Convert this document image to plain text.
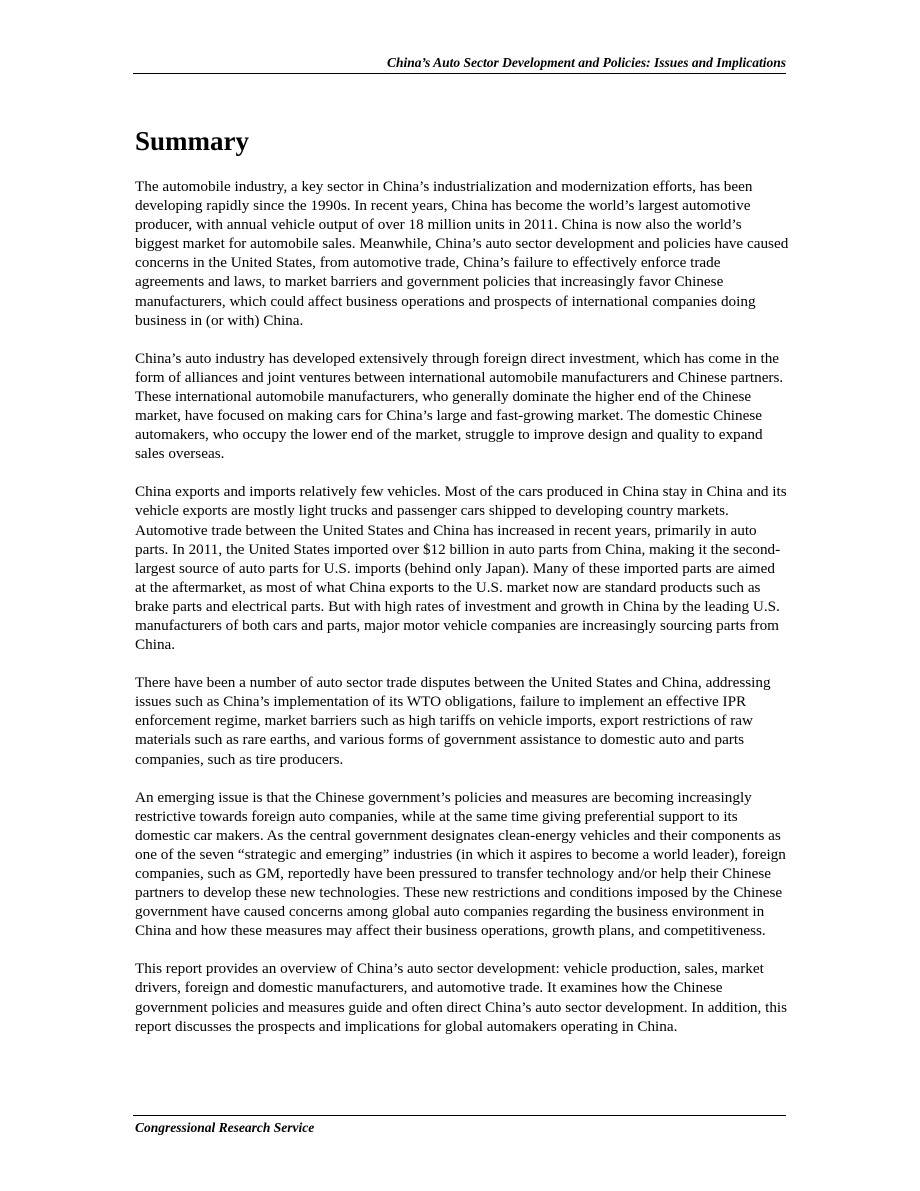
China’s Auto Sector Development and Policies: Issues and Implications
Summary

The automobile industry, a key sector in China’s industrialization and modernization efforts, has been developing rapidly since the 1990s. In recent years, China has become the world’s largest automotive producer, with annual vehicle output of over 18 million units in 2011. China is now also the world’s biggest market for automobile sales. Meanwhile, China’s auto sector development and policies have caused concerns in the United States, from automotive trade, China’s failure to effectively enforce trade agreements and laws, to market barriers and government policies that increasingly favor Chinese manufacturers, which could affect business operations and prospects of international companies doing business in (or with) China.

China’s auto industry has developed extensively through foreign direct investment, which has come in the form of alliances and joint ventures between international automobile manufacturers and Chinese partners. These international automobile manufacturers, who generally dominate the higher end of the Chinese market, have focused on making cars for China’s large and fast-growing market. The domestic Chinese automakers, who occupy the lower end of the market, struggle to improve design and quality to expand sales overseas.

China exports and imports relatively few vehicles. Most of the cars produced in China stay in China and its vehicle exports are mostly light trucks and passenger cars shipped to developing country markets. Automotive trade between the United States and China has increased in recent years, primarily in auto parts. In 2011, the United States imported over $12 billion in auto parts from China, making it the second-largest source of auto parts for U.S. imports (behind only Japan). Many of these imported parts are aimed at the aftermarket, as most of what China exports to the U.S. market now are standard products such as brake parts and electrical parts. But with high rates of investment and growth in China by the leading U.S. manufacturers of both cars and parts, major motor vehicle companies are increasingly sourcing parts from China.

There have been a number of auto sector trade disputes between the United States and China, addressing issues such as China’s implementation of its WTO obligations, failure to implement an effective IPR enforcement regime, market barriers such as high tariffs on vehicle imports, export restrictions of raw materials such as rare earths, and various forms of government assistance to domestic auto and parts companies, such as tire producers.

An emerging issue is that the Chinese government’s policies and measures are becoming increasingly restrictive towards foreign auto companies, while at the same time giving preferential support to its domestic car makers. As the central government designates clean-energy vehicles and their components as one of the seven “strategic and emerging” industries (in which it aspires to become a world leader), foreign companies, such as GM, reportedly have been pressured to transfer technology and/or help their Chinese partners to develop these new technologies. These new restrictions and conditions imposed by the Chinese government have caused concerns among global auto companies regarding the business environment in China and how these measures may affect their business operations, growth plans, and competitiveness.

This report provides an overview of China’s auto sector development: vehicle production, sales, market drivers, foreign and domestic manufacturers, and automotive trade. It examines how the Chinese government policies and measures guide and often direct China’s auto sector development. In addition, this report discusses the prospects and implications for global automakers operating in China.

Congressional Research Service
